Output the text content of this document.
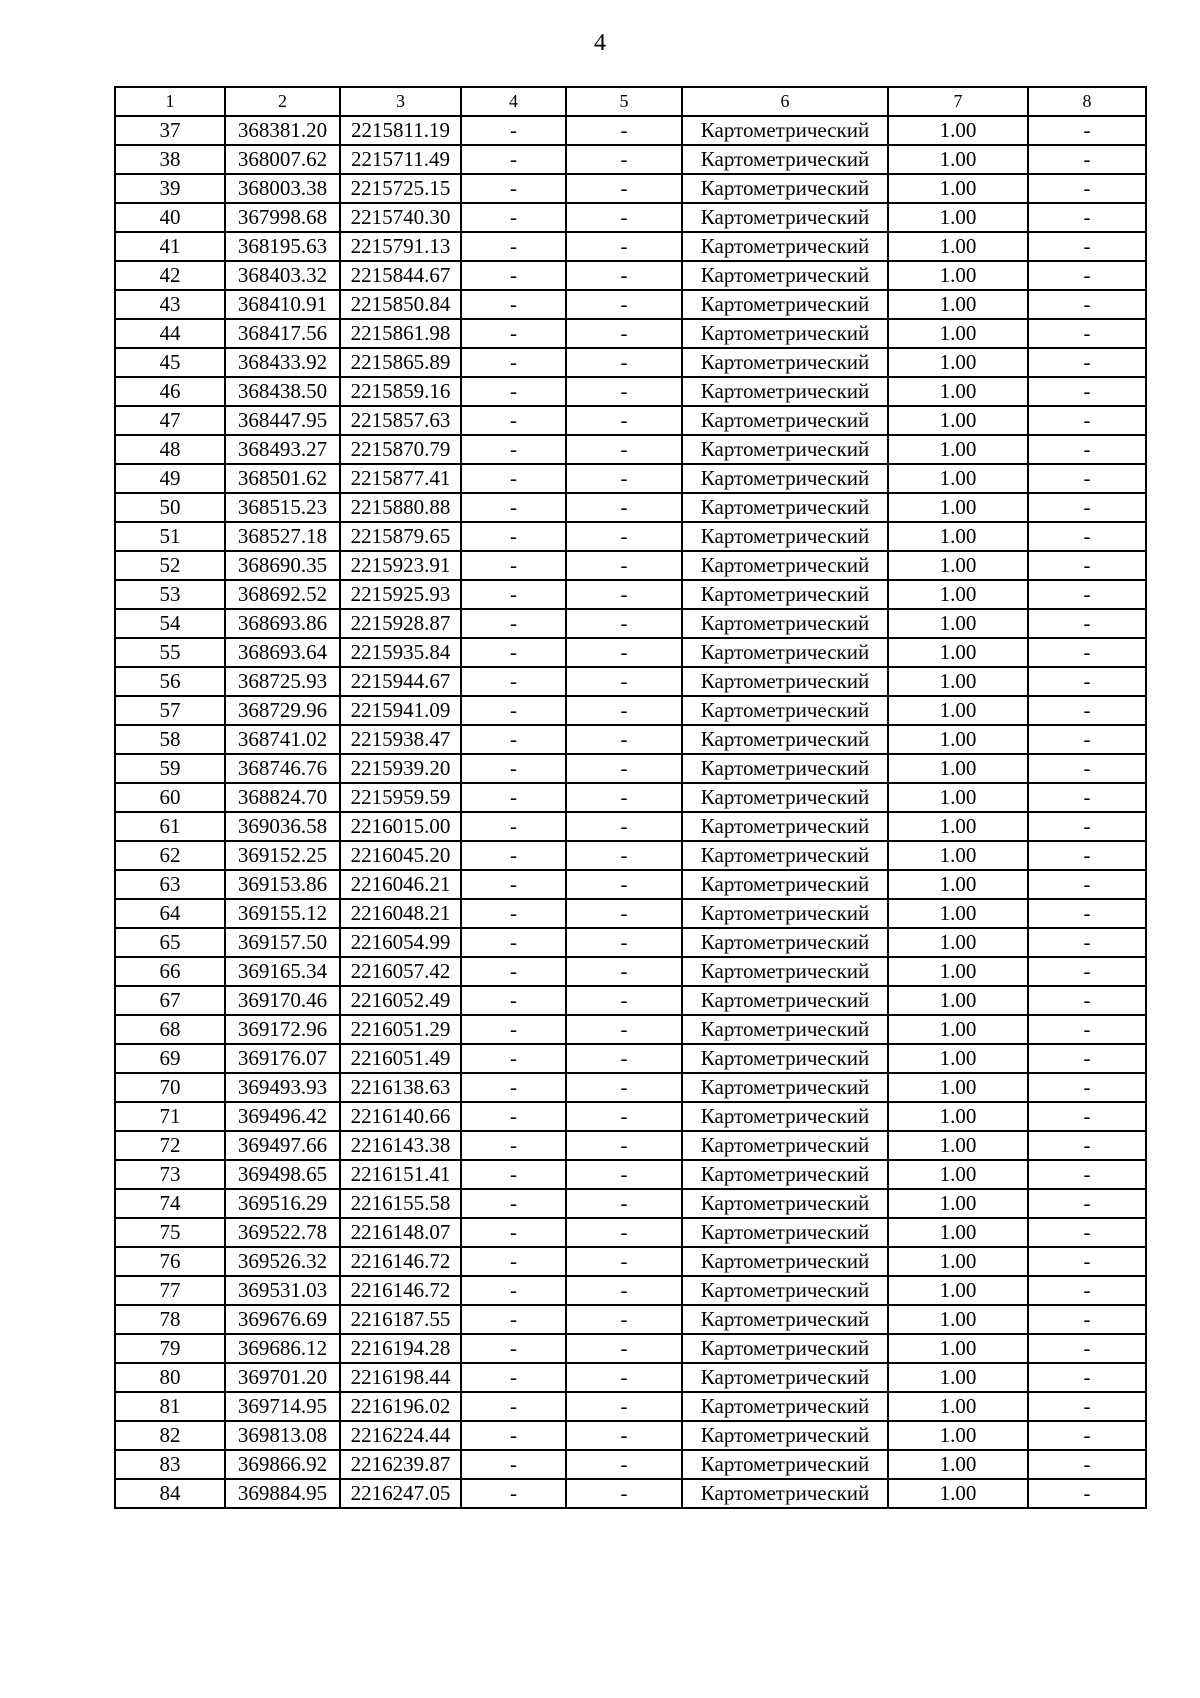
4
1	2	3	4	5	6	7	8
37	368381.20	2215811.19	-	-	Картометрический	1.00	-
38	368007.62	2215711.49	-	-	Картометрический	1.00	-
39	368003.38	2215725.15	-	-	Картометрический	1.00	-
40	367998.68	2215740.30	-	-	Картометрический	1.00	-
41	368195.63	2215791.13	-	-	Картометрический	1.00	-
42	368403.32	2215844.67	-	-	Картометрический	1.00	-
43	368410.91	2215850.84	-	-	Картометрический	1.00	-
44	368417.56	2215861.98	-	-	Картометрический	1.00	-
45	368433.92	2215865.89	-	-	Картометрический	1.00	-
46	368438.50	2215859.16	-	-	Картометрический	1.00	-
47	368447.95	2215857.63	-	-	Картометрический	1.00	-
48	368493.27	2215870.79	-	-	Картометрический	1.00	-
49	368501.62	2215877.41	-	-	Картометрический	1.00	-
50	368515.23	2215880.88	-	-	Картометрический	1.00	-
51	368527.18	2215879.65	-	-	Картометрический	1.00	-
52	368690.35	2215923.91	-	-	Картометрический	1.00	-
53	368692.52	2215925.93	-	-	Картометрический	1.00	-
54	368693.86	2215928.87	-	-	Картометрический	1.00	-
55	368693.64	2215935.84	-	-	Картометрический	1.00	-
56	368725.93	2215944.67	-	-	Картометрический	1.00	-
57	368729.96	2215941.09	-	-	Картометрический	1.00	-
58	368741.02	2215938.47	-	-	Картометрический	1.00	-
59	368746.76	2215939.20	-	-	Картометрический	1.00	-
60	368824.70	2215959.59	-	-	Картометрический	1.00	-
61	369036.58	2216015.00	-	-	Картометрический	1.00	-
62	369152.25	2216045.20	-	-	Картометрический	1.00	-
63	369153.86	2216046.21	-	-	Картометрический	1.00	-
64	369155.12	2216048.21	-	-	Картометрический	1.00	-
65	369157.50	2216054.99	-	-	Картометрический	1.00	-
66	369165.34	2216057.42	-	-	Картометрический	1.00	-
67	369170.46	2216052.49	-	-	Картометрический	1.00	-
68	369172.96	2216051.29	-	-	Картометрический	1.00	-
69	369176.07	2216051.49	-	-	Картометрический	1.00	-
70	369493.93	2216138.63	-	-	Картометрический	1.00	-
71	369496.42	2216140.66	-	-	Картометрический	1.00	-
72	369497.66	2216143.38	-	-	Картометрический	1.00	-
73	369498.65	2216151.41	-	-	Картометрический	1.00	-
74	369516.29	2216155.58	-	-	Картометрический	1.00	-
75	369522.78	2216148.07	-	-	Картометрический	1.00	-
76	369526.32	2216146.72	-	-	Картометрический	1.00	-
77	369531.03	2216146.72	-	-	Картометрический	1.00	-
78	369676.69	2216187.55	-	-	Картометрический	1.00	-
79	369686.12	2216194.28	-	-	Картометрический	1.00	-
80	369701.20	2216198.44	-	-	Картометрический	1.00	-
81	369714.95	2216196.02	-	-	Картометрический	1.00	-
82	369813.08	2216224.44	-	-	Картометрический	1.00	-
83	369866.92	2216239.87	-	-	Картометрический	1.00	-
84	369884.95	2216247.05	-	-	Картометрический	1.00	-
